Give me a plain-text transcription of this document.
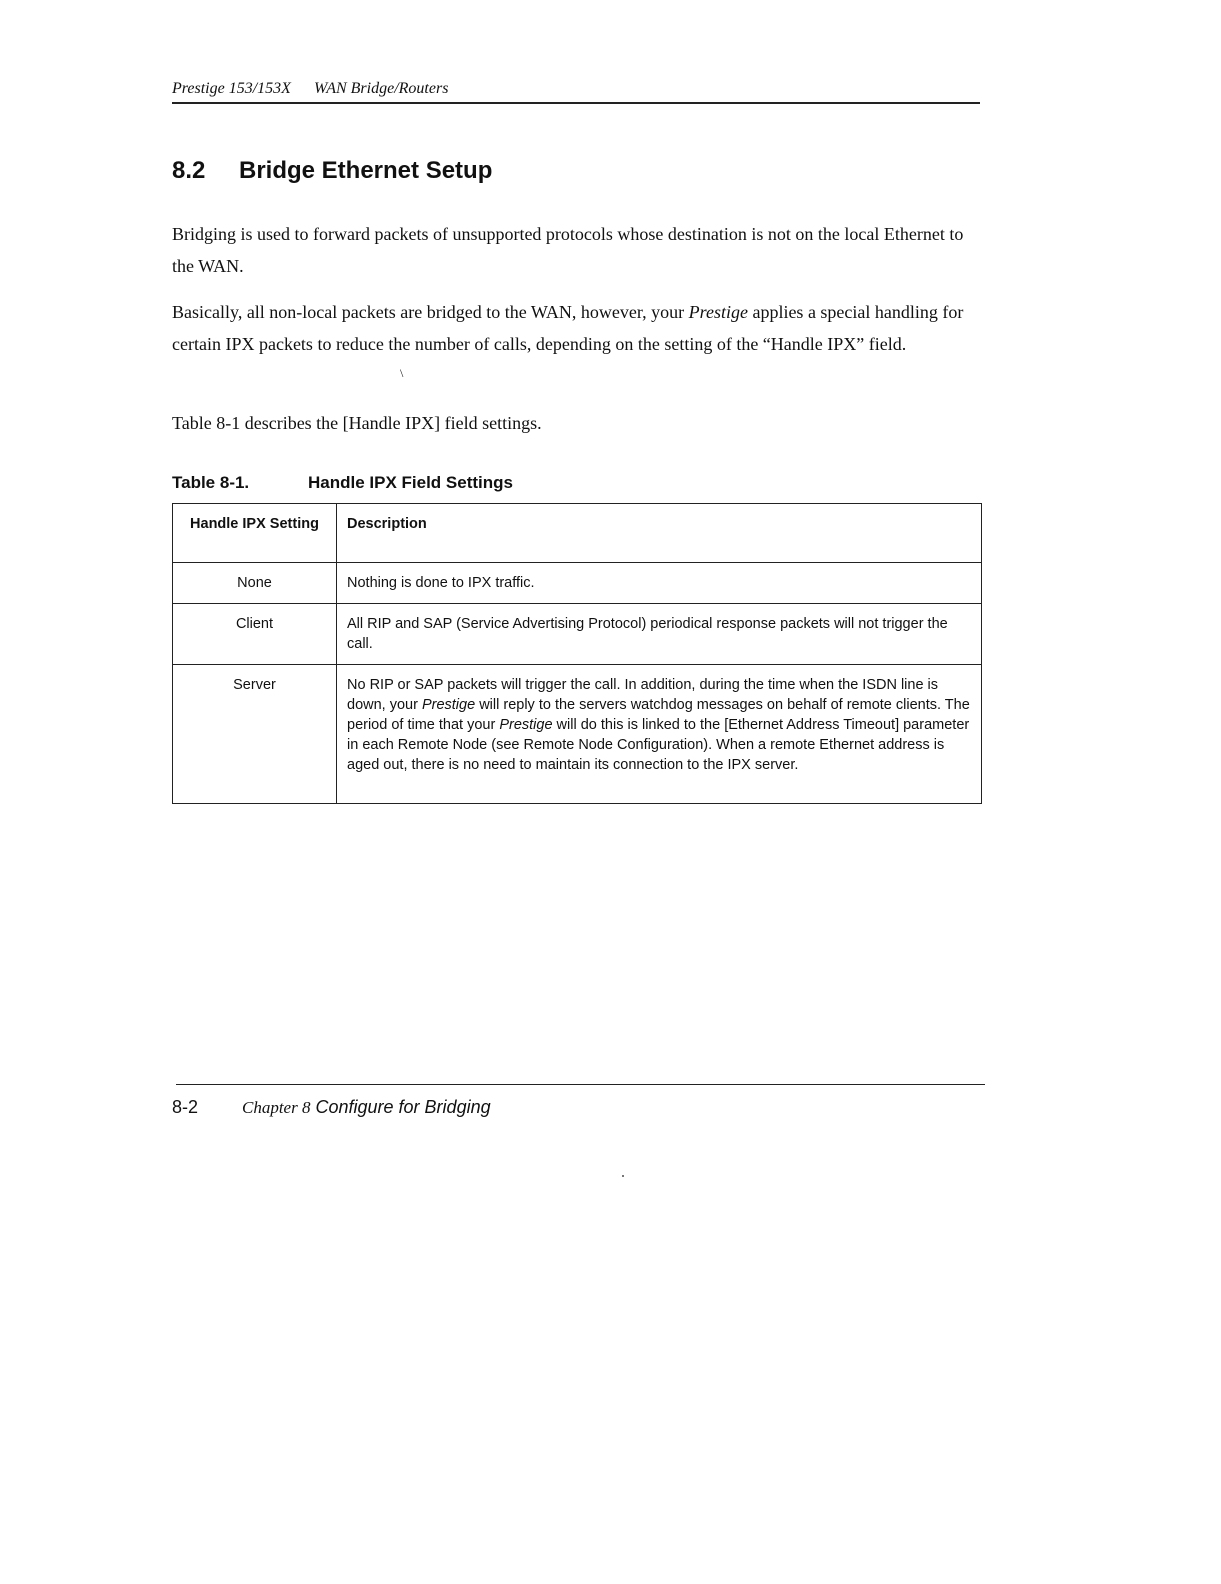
Prestige 153/153X WAN Bridge/Routers
8.2 Bridge Ethernet Setup

Bridging is used to forward packets of unsupported protocols whose destination is not on the local Ethernet to the WAN.

Basically, all non-local packets are bridged to the WAN, however, your Prestige applies a special handling for certain IPX packets to reduce the number of calls, depending on the setting of the “Handle IPX” field.

\

Table 8-1 describes the [Handle IPX] field settings.

Table 8-1.	Handle IPX Field Settings
Handle IPX Setting	Description
None	Nothing is done to IPX traffic.
Client	All RIP and SAP (Service Advertising Protocol) periodical response packets will not trigger the call.
Server	No RIP or SAP packets will trigger the call. In addition, during the time when the ISDN line is down, your Prestige will reply to the servers watchdog messages on behalf of remote clients. The period of time that your Prestige will do this is linked to the [Ethernet Address Timeout] parameter in each Remote Node (see Remote Node Configuration). When a remote Ethernet address is aged out, there is no need to maintain its connection to the IPX server.
8-2	Chapter 8 Configure for Bridging
